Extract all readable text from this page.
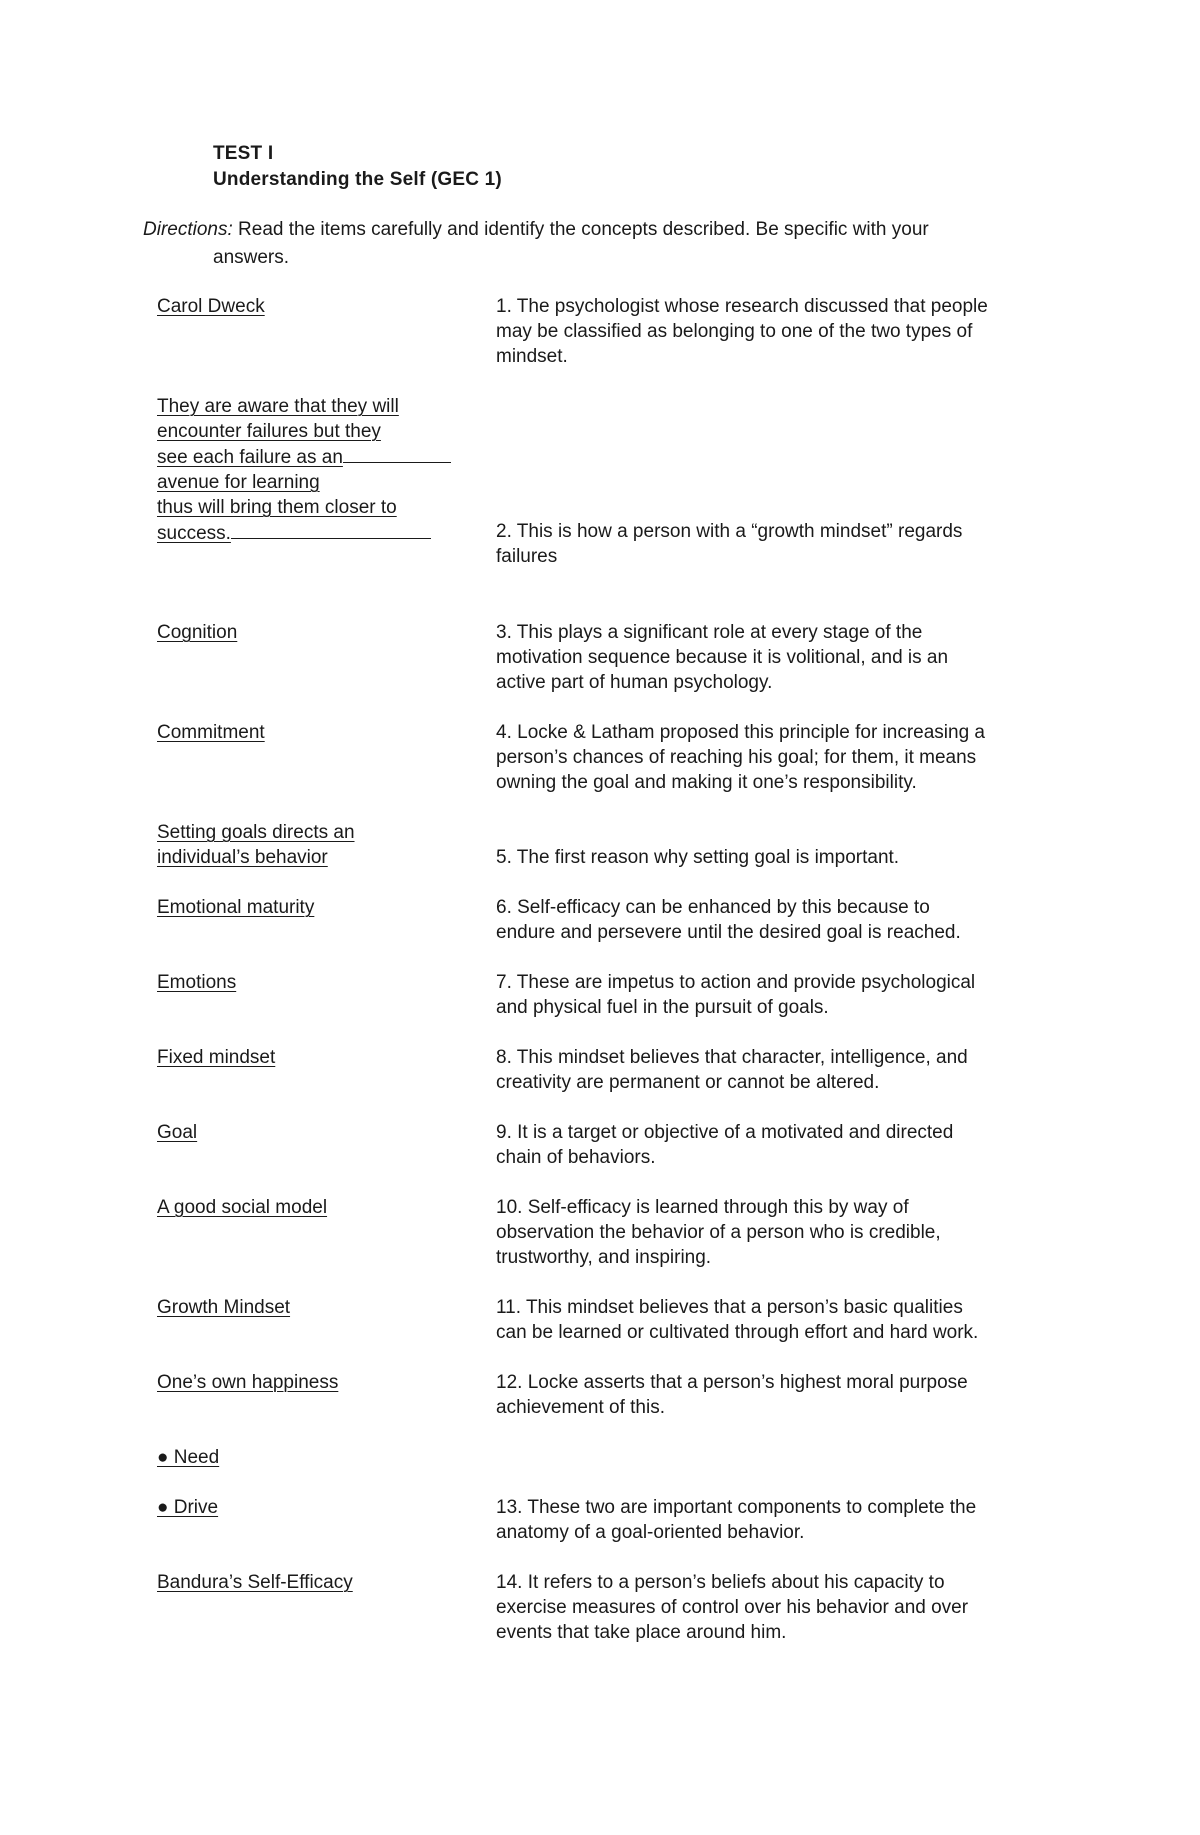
TEST I
Understanding the Self (GEC 1)
Directions: Read the items carefully and identify the concepts described. Be specific with your
answers.
Carol Dweck	1. The psychologist whose research discussed that people
may be classified as belonging to one of the two types of
mindset.
They are aware that they will
encounter failures but they
see each failure as an
avenue for learning
thus will bring them closer to
success.	2. This is how a person with a “growth mindset” regards
failures
Cognition	3. This plays a significant role at every stage of the
motivation sequence because it is volitional, and is an
active part of human psychology.
Commitment	4. Locke & Latham proposed this principle for increasing a
person’s chances of reaching his goal; for them, it means
owning the goal and making it one’s responsibility.
Setting goals directs an
individual’s behavior	5. The first reason why setting goal is important.
Emotional maturity	6. Self-efficacy can be enhanced by this because to
endure and persevere until the desired goal is reached.
Emotions	7. These are impetus to action and provide psychological
and physical fuel in the pursuit of goals.
Fixed mindset	8. This mindset believes that character, intelligence, and
creativity are permanent or cannot be altered.
Goal	9. It is a target or objective of a motivated and directed
chain of behaviors.
A good social model	10. Self-efficacy is learned through this by way of
observation the behavior of a person who is credible,
trustworthy, and inspiring.
Growth Mindset	11. This mindset believes that a person’s basic qualities
can be learned or cultivated through effort and hard work.
One’s own happiness	12. Locke asserts that a person’s highest moral purpose
achievement of this.
● Need
● Drive	13. These two are important components to complete the
anatomy of a goal-oriented behavior.
Bandura’s Self-Efficacy	14. It refers to a person’s beliefs about his capacity to
exercise measures of control over his behavior and over
events that take place around him.
